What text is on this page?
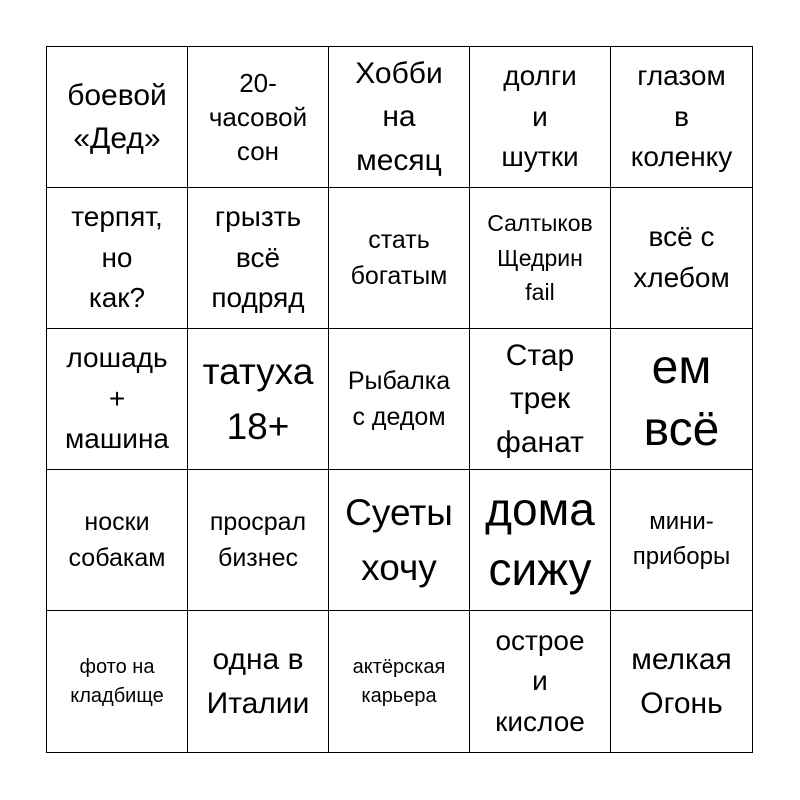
боевой
«Дед»
20-
часовой
сон
Хобби
на
месяц
долги
и
шутки
глазом
в
коленку
терпят,
но
как?
грызть
всё
подряд
стать
богатым
Салтыков
Щедрин
fail
всё с
хлебом
лошадь
+
машина
татуха
18+
Рыбалка
с дедом
Стар
трек
фанат
ем
всё
носки
собакам
просрал
бизнес
Суеты
хочу
дома
сижу
мини-
приборы
фото на
кладбище
одна в
Италии
актёрская
карьера
острое
и
кислое
мелкая
Огонь
